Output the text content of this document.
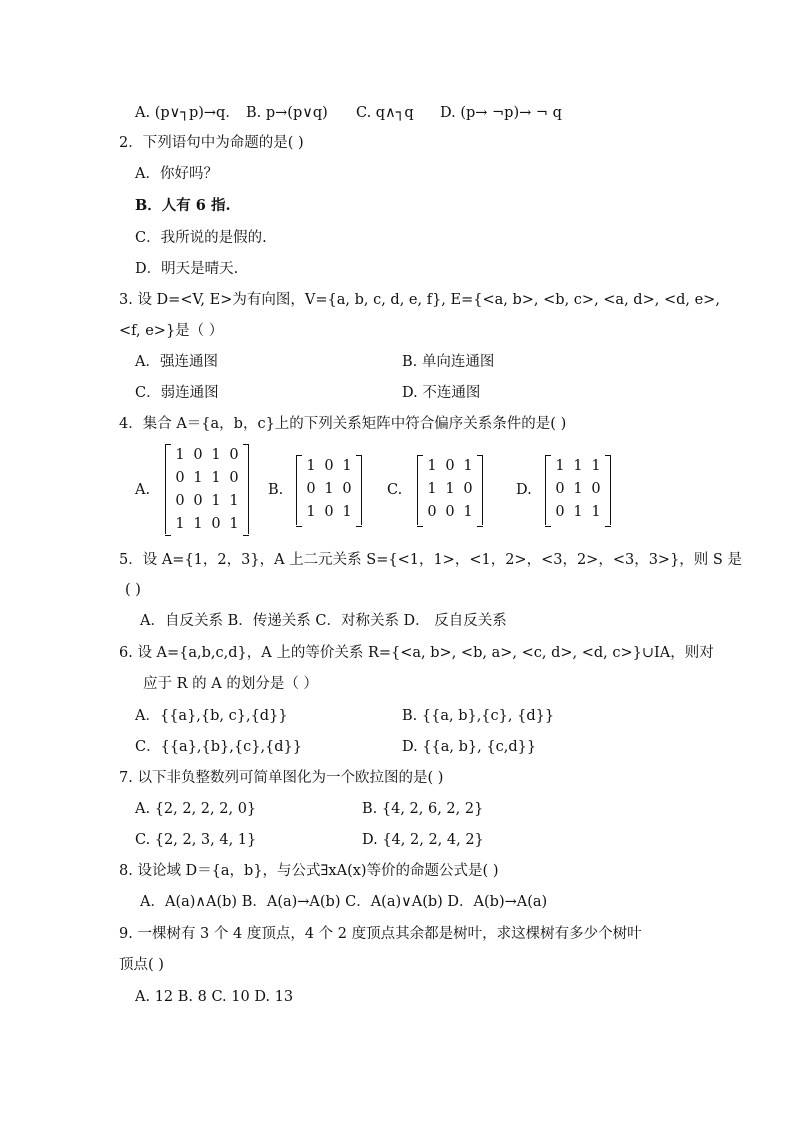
A. (p∨┐p)→q． B. p→(p∨q) C. q∧┐q D. (p→ ¬p)→ ¬ q
2．下列语句中为命题的是( )
A．你好吗？
B．人有 6 指.
C．我所说的是假的.
D．明天是晴天.
3. 设 D=<V, E>为有向图，V={a, b, c, d, e, f}, E={<a, b>, <b, c>, <a, d>, <d, e>,
<f, e>}是（ ）
A．强连通图	B. 单向连通图
C．弱连通图	D. 不连通图
4．集合 A＝{a，b，c}上的下列关系矩阵中符合偏序关系条件的是( )
A.
1 0 1 0
0 1 1 0
0 0 1 1
1 1 0 1
B.
1 0 1
0 1 0
1 0 1
C.
1 0 1
1 1 0
0 0 1
D.
1 1 1
0 1 0
0 1 1
5．设 A={1，2，3}，A 上二元关系 S={<1，1>，<1，2>，<3，2>，<3，3>}，则 S 是
( )
A．自反关系 B．传递关系 C．对称关系 D． 反自反关系
6. 设 A={a,b,c,d}，A 上的等价关系 R={<a, b>, <b, a>, <c, d>, <d, c>}∪IA，则对
应于 R 的 A 的划分是（ ）
A．{{a},{b, c},{d}}	B. {{a, b},{c}, {d}}
C．{{a},{b},{c},{d}}	D. {{a, b}, {c,d}}
7. 以下非负整数列可简单图化为一个欧拉图的是( )
A. {2, 2, 2, 2, 0}	B. {4, 2, 6, 2, 2}
C. {2, 2, 3, 4, 1}	D. {4, 2, 2, 4, 2}
8. 设论域 D＝{a，b}，与公式∃xA(x)等价的命题公式是( )
A．A(a)∧A(b) B．A(a)→A(b) C．A(a)∨A(b) D．A(b)→A(a)
9. 一棵树有 3 个 4 度顶点，4 个 2 度顶点其余都是树叶，求这棵树有多少个树叶
顶点( )
A. 12 B. 8 C. 10 D. 13
